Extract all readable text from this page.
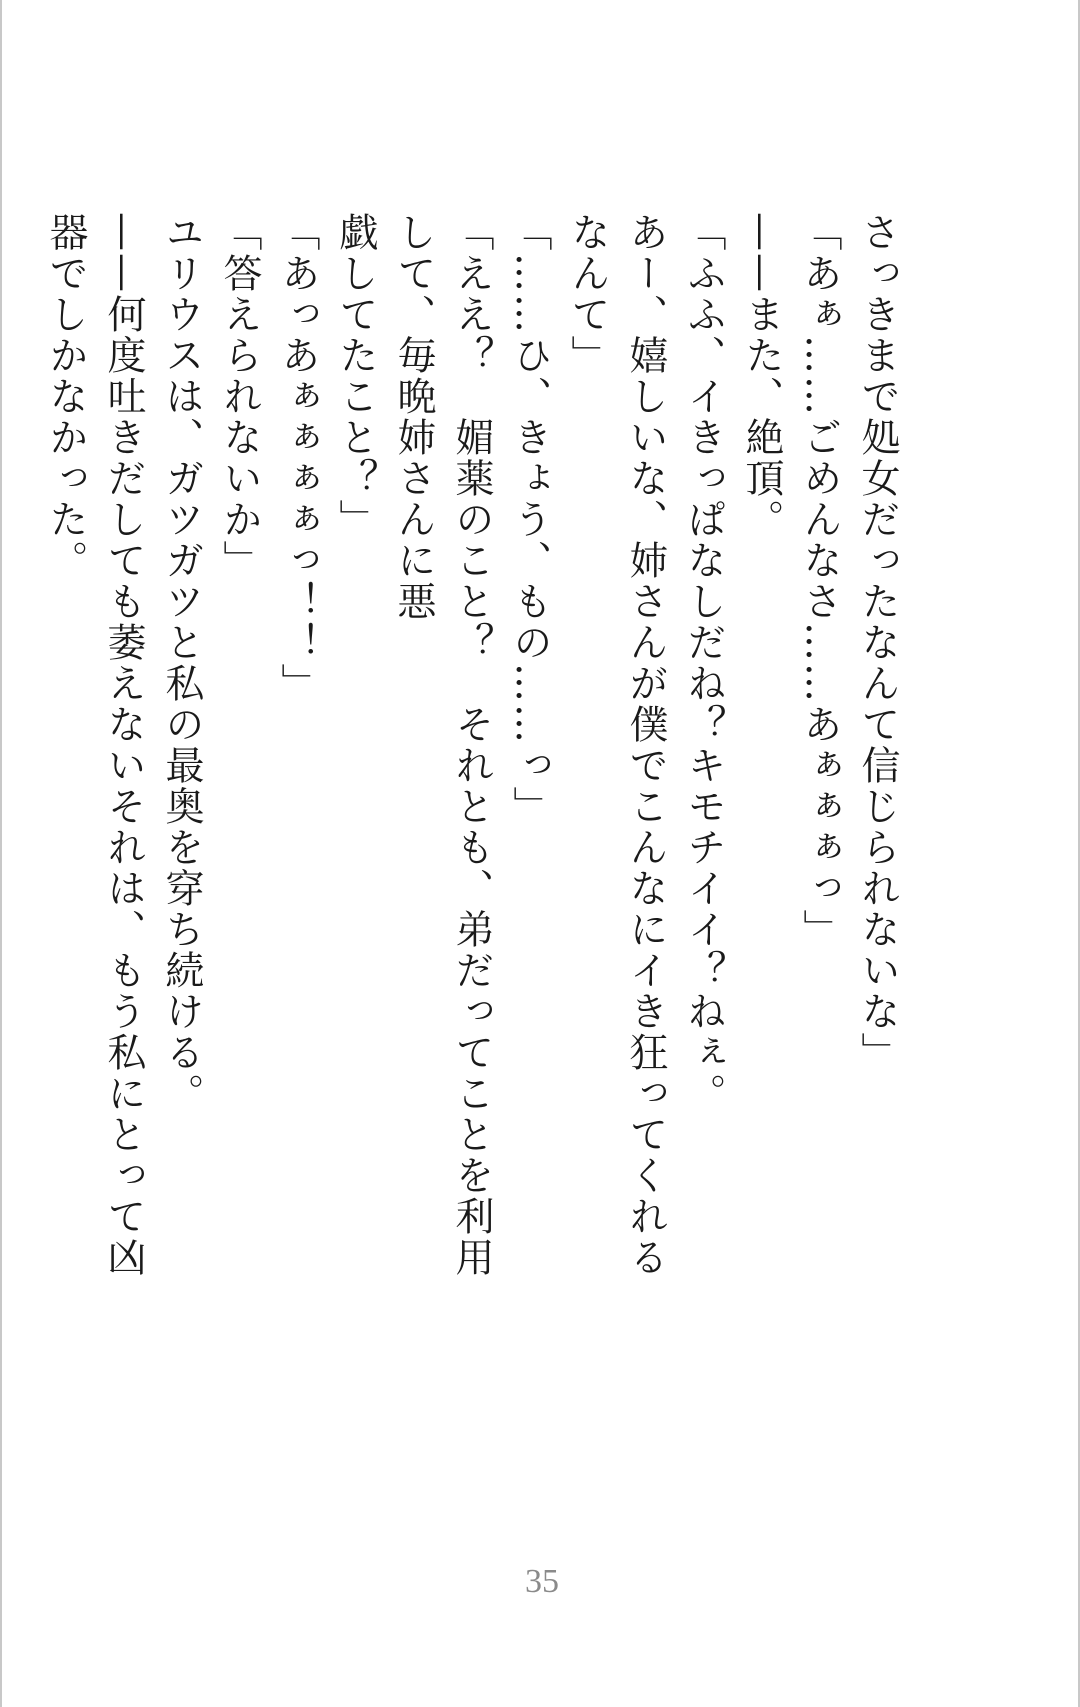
さっきまで処女だったなんて信じられないな」

「あぁ……ごめんなさ……あぁぁぁっ」

——また、絶頂。

「ふふ、イきっぱなしだね？キモチイイ？ねぇ。

あー、嬉しいな、姉さんが僕でこんなにイき狂ってくれるなんて」

「……ひ、きょう、もの……っ」

「ええ？　媚薬のこと？　それとも、弟だってことを利用して、毎晩姉さんに悪

戯してたこと？」

「あっあぁぁぁぁっ！！」

「答えられないか」

ユリウスは、ガツガツと私の最奥を穿ち続ける。

——何度吐きだしても萎えないそれは、もう私にとって凶器でしかなかった。

35
